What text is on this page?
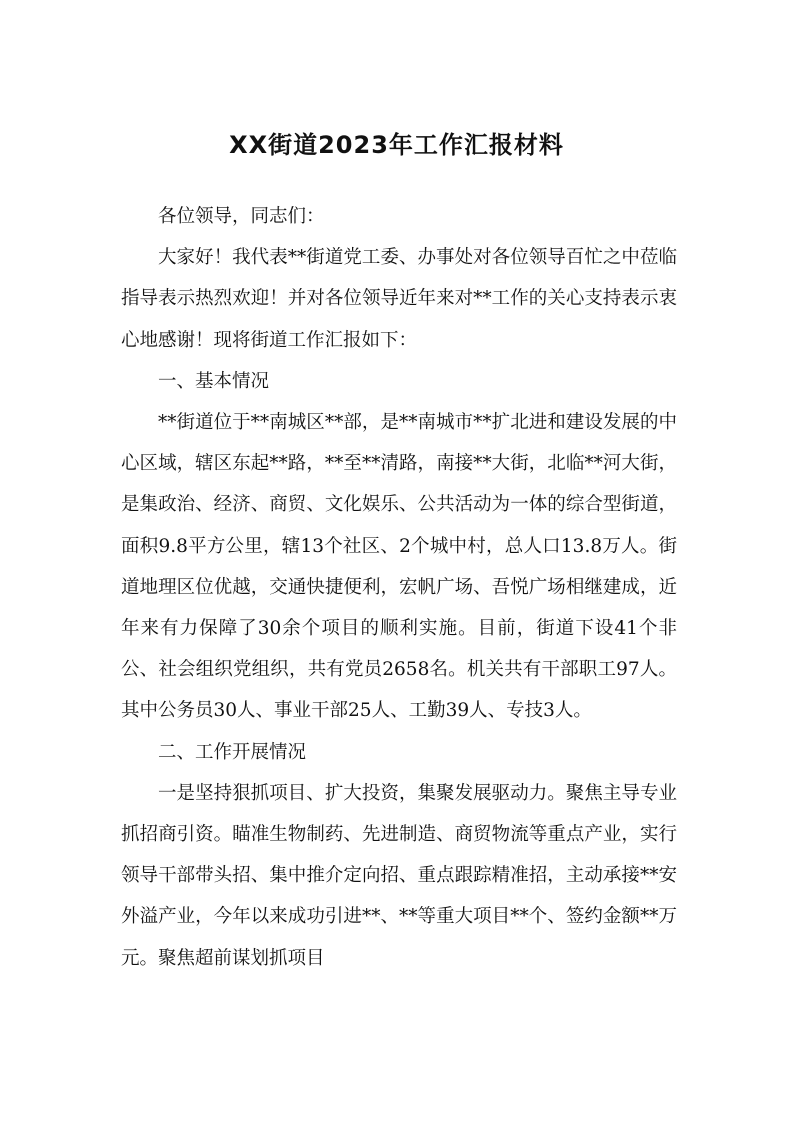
XX街道2023年工作汇报材料

各位领导，同志们：

大家好！我代表**街道党工委、办事处对各位领导百忙之中莅临指导表示热烈欢迎！并对各位领导近年来对**工作的关心支持表示衷心地感谢！现将街道工作汇报如下：

一、基本情况

**街道位于**南城区**部，是**南城市**扩北进和建设发展的中心区域，辖区东起**路，**至**清路，南接**大街，北临**河大街，是集政治、经济、商贸、文化娱乐、公共活动为一体的综合型街道，面积9.8平方公里，辖13个社区、2个城中村，总人口13.8万人。街道地理区位优越，交通快捷便利，宏帆广场、吾悦广场相继建成，近年来有力保障了30余个项目的顺利实施。目前，街道下设41个非公、社会组织党组织，共有党员2658名。机关共有干部职工97人。其中公务员30人、事业干部25人、工勤39人、专技3人。

二、工作开展情况

一是坚持狠抓项目、扩大投资，集聚发展驱动力。聚焦主导专业抓招商引资。瞄准生物制药、先进制造、商贸物流等重点产业，实行领导干部带头招、集中推介定向招、重点跟踪精准招，主动承接**安外溢产业，今年以来成功引进**、**等重大项目**个、签约金额**万元。聚焦超前谋划抓项目
